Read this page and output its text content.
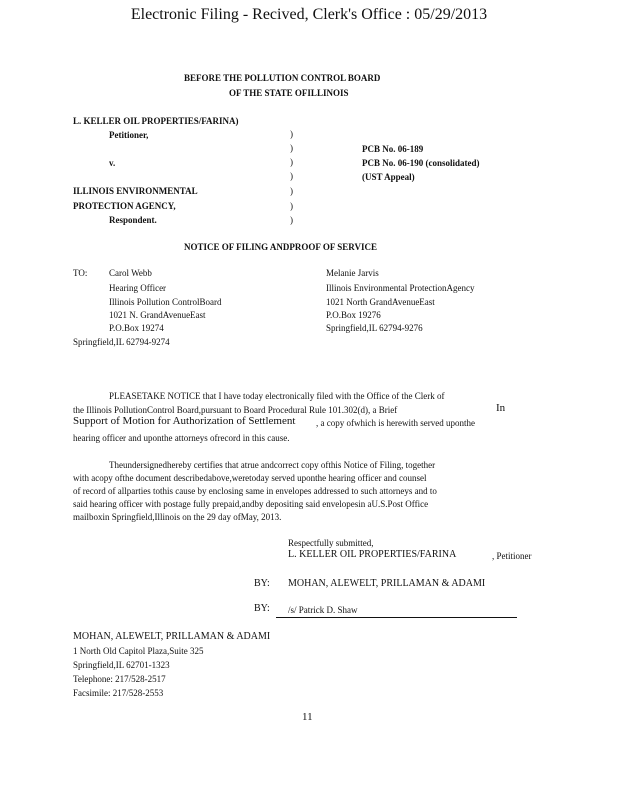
Electronic Filing - Recived, Clerk's Office : 05/29/2013
BEFORE THE POLLUTION CONTROL BOARD
OF THE STATE OFILLINOIS
L. KELLER OIL PROPERTIES/FARINA)
Petitioner,
v.
ILLINOIS ENVIRONMENTAL
PROTECTION AGENCY,
Respondent.
)
)
)
)
)
)
)
PCB No. 06-189
PCB No. 06-190 (consolidated)
(UST Appeal)
NOTICE OF FILING ANDPROOF OF SERVICE
TO: Carol Webb
Hearing Officer
Illinois Pollution ControlBoard
1021 N. GrandAvenueEast
P.O.Box 19274
Springfield,IL 62794-9274
Melanie Jarvis
Illinois Environmental ProtectionAgency
1021 North GrandAvenueEast
P.O.Box 19276
Springfield,IL 62794-9276
PLEASETAKE NOTICE that I have today electronically filed with the Office of the Clerk of
the Illinois PollutionControl Board,pursuant to Board Procedural Rule 101.302(d), a Brief	In
Support of Motion for Authorization of Settlement , a copy ofwhich is herewith served uponthe
hearing officer and uponthe attorneys ofrecord in this cause.
Theundersignedhereby certifies that atrue andcorrect copy ofthis Notice of Filing, together
with acopy ofthe document describedabove,weretoday served uponthe hearing officer and counsel
of record of allparties tothis cause by enclosing same in envelopes addressed to such attorneys and to
said hearing officer with postage fully prepaid,andby depositing said envelopesin aU.S.Post Office
mailboxin Springfield,Illinois on the 29 day ofMay, 2013.
Respectfully submitted,
L. KELLER OIL PROPERTIES/FARINA	, Petitioner
BY: MOHAN, ALEWELT, PRILLAMAN & ADAMI
BY: /s/ Patrick D. Shaw
MOHAN, ALEWELT, PRILLAMAN & ADAMI
1 North Old Capitol Plaza,Suite 325
Springfield,IL 62701-1323
Telephone: 217/528-2517
Facsimile: 217/528-2553
11
